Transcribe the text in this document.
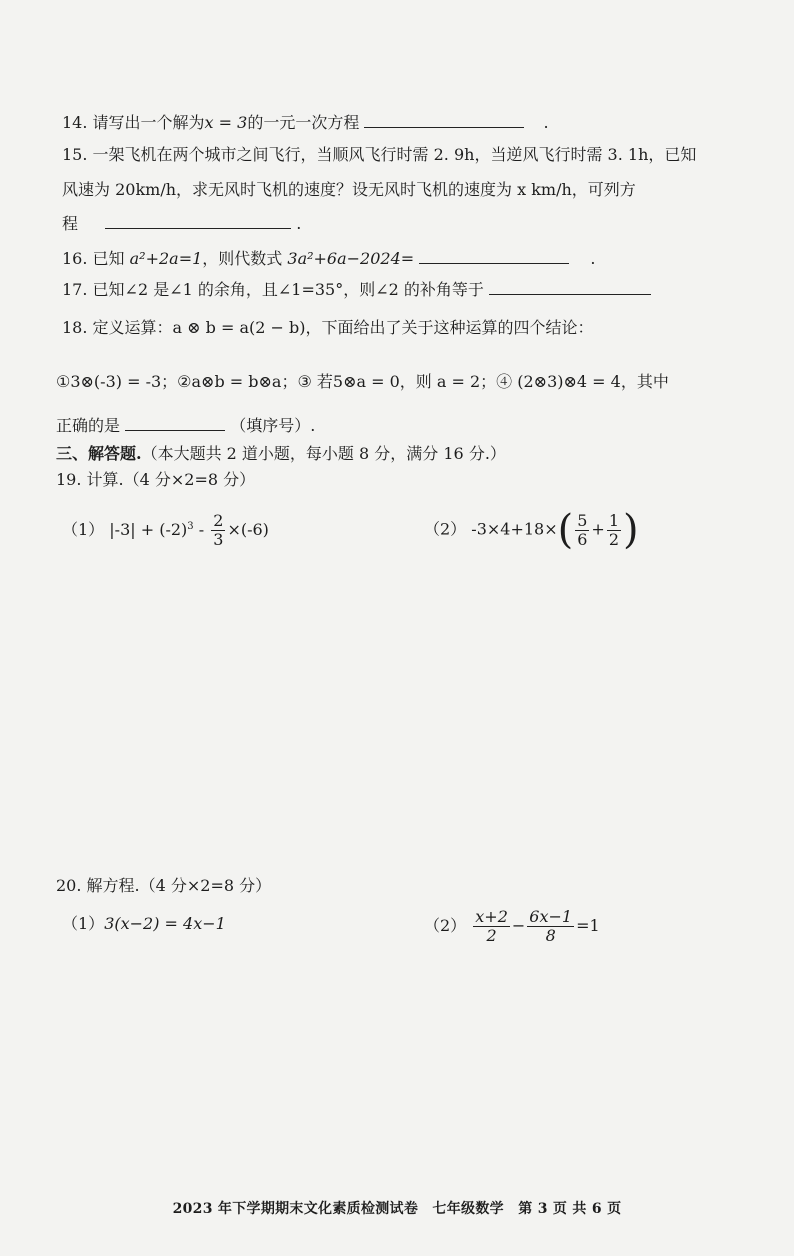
14. 请写出一个解为x = 3的一元一次方程	.
15. 一架飞机在两个城市之间飞行，当顺风飞行时需 2. 9h，当逆风飞行时需 3. 1h，已知
风速为 20km/h，求无风时飞机的速度？设无风时飞机的速度为 x km/h，可列方
程	.
16. 已知 a²+2a=1，则代数式 3a²+6a−2024=	.
17. 已知∠2 是∠1 的余角，且∠1=35°，则∠2 的补角等于
18. 定义运算：a ⊗ b = a(2 − b)，下面给出了关于这种运算的四个结论：
①3⊗(-3) = -3；②a⊗b = b⊗a；③ 若5⊗a = 0，则 a = 2；④ (2⊗3)⊗4 = 4，其中
正确的是	（填序号）.
三、解答题.（本大题共 2 道小题，每小题 8 分，满分 16 分.）
19. 计算.（4 分×2=8 分）
（1） $|-3| + (-2)^3 - \frac{2}{3} \times(-6)$	（2） $-3\times 4+18\times( \frac{5}{6} + \frac{1}{2}$ )
20. 解方程.（4 分×2=8 分）
（1）3(x−2) = 4x−1	$(2) \frac{x+2}{2} - \frac{6x-1}{8} =1$
2023 年下学期期末文化素质检测试卷　七年级数学　第 3 页 共 6 页
